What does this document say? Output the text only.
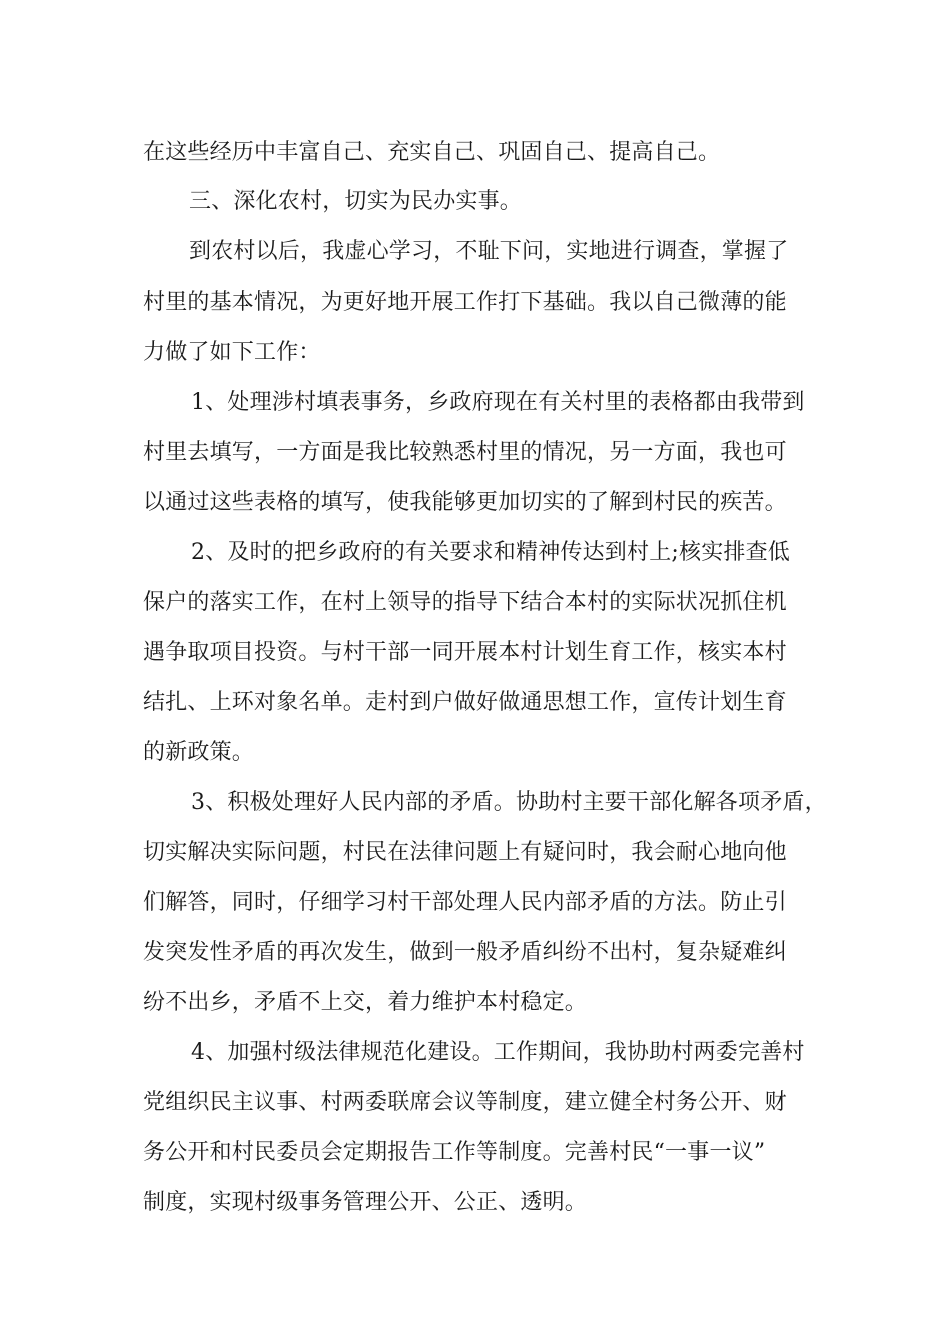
在这些经历中丰富自己、充实自己、巩固自己、提高自己。
三、深化农村，切实为民办实事。
到农村以后，我虚心学习，不耻下问，实地进行调查，掌握了
村里的基本情况，为更好地开展工作打下基础。我以自己微薄的能
力做了如下工作：
1、处理涉村填表事务，乡政府现在有关村里的表格都由我带到
村里去填写，一方面是我比较熟悉村里的情况，另一方面，我也可
以通过这些表格的填写，使我能够更加切实的了解到村民的疾苦。
2、及时的把乡政府的有关要求和精神传达到村上;核实排查低
保户的落实工作，在村上领导的指导下结合本村的实际状况抓住机
遇争取项目投资。与村干部一同开展本村计划生育工作，核实本村
结扎、上环对象名单。走村到户做好做通思想工作，宣传计划生育
的新政策。
3、积极处理好人民内部的矛盾。协助村主要干部化解各项矛盾，
切实解决实际问题，村民在法律问题上有疑问时，我会耐心地向他
们解答，同时，仔细学习村干部处理人民内部矛盾的方法。防止引
发突发性矛盾的再次发生，做到一般矛盾纠纷不出村，复杂疑难纠
纷不出乡，矛盾不上交，着力维护本村稳定。
4、加强村级法律规范化建设。工作期间，我协助村两委完善村
党组织民主议事、村两委联席会议等制度，建立健全村务公开、财
务公开和村民委员会定期报告工作等制度。完善村民“一事一议”
制度，实现村级事务管理公开、公正、透明。
